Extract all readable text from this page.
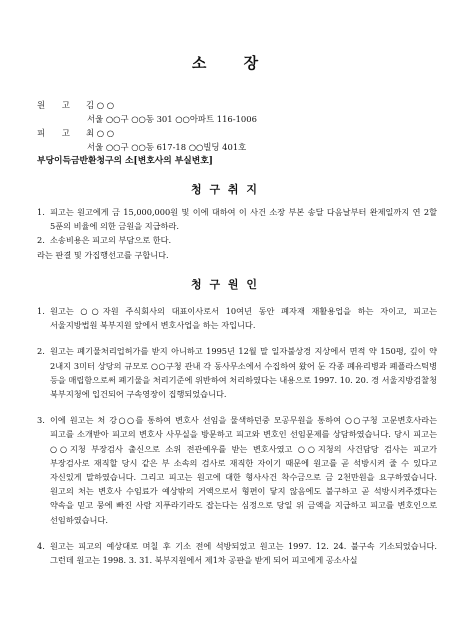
소 장
원 고 김 ○ ○
서울 ○○구 ○○동 301 ○○아파트 116-1006
피 고 최 ○ ○
서울 ○○구 ○○동 617-18 ○○빌딩 401호
부당이득금반환청구의 소[변호사의 부실변호]
청 구 취 지
1. 피고는 원고에게 금 15,000,000원 및 이에 대하여 이 사건 소장 부본 송달 다음날부터 완제일까지 연 2할 5푼의 비율에 의한 금원을 지급하라.
2. 소송비용은 피고의 부담으로 한다.
라는 판결 및 가집행선고를 구합니다.
청 구 원 인
1. 원고는 ○○자원 주식회사의 대표이사로서 10여년 동안 폐자재 재활용업을 하는 자이고, 피고는 서울지방법원 북부지원 앞에서 변호사업을 하는 자입니다.
2. 원고는 폐기물처리업허가를 받지 아니하고 1995년 12월 말 일자불상경 지상에서 면적 약 150평, 깊이 약 2내지 3미터 상당의 규모로 ○○구청 관내 각 동사무소에서 수집하여 왔어 둔 각종 폐유리병과 폐플라스틱병 등을 매립함으로써 폐기물을 처리기준에 위반하여 처리하였다는 내용으로 1997. 10. 20. 경 서울지방검찰청 북부지청에 입건되어 구속영장이 집행되었습니다.
3. 이에 원고는 처 강○○를 통하여 변호사 선임을 물색하던중 모공무원을 통하여 ○○구청 고문변호사라는 피고를 소개받아 피고의 변호사 사무실을 방문하고 피고와 변호인 선임문제를 상담하였습니다. 당시 피고는 ○○지청 부장검사 출신으로 소위 전관예우를 받는 변호사였고 ○○지청의 사건담당 검사는 피고가 부장검사로 재직할 당시 같은 부 소속의 검사로 재직한 자이기 때문에 원고를 곧 석방시켜 줄 수 있다고 자신있게 말하였습니다. 그리고 피고는 원고에 대한 형사사건 착수금으로 금 2천만원을 요구하였습니다. 원고의 처는 변호사 수임료가 예상밖의 거액으로서 형편이 닿지 않음에도 불구하고 곧 석방시켜주겠다는 약속을 믿고 뭉에 빠진 사람 지푸라기라도 잡는다는 심정으로 당일 위 금액을 지급하고 피고를 변호인으로 선임하였습니다.
4. 원고는 피고의 예상대로 며칠 후 기소 전에 석방되었고 원고는 1997. 12. 24. 불구속 기소되었습니다. 그런데 원고는 1998. 3. 31. 북부지원에서 제1차 공판을 받게 되어 피고에게 공소사실
